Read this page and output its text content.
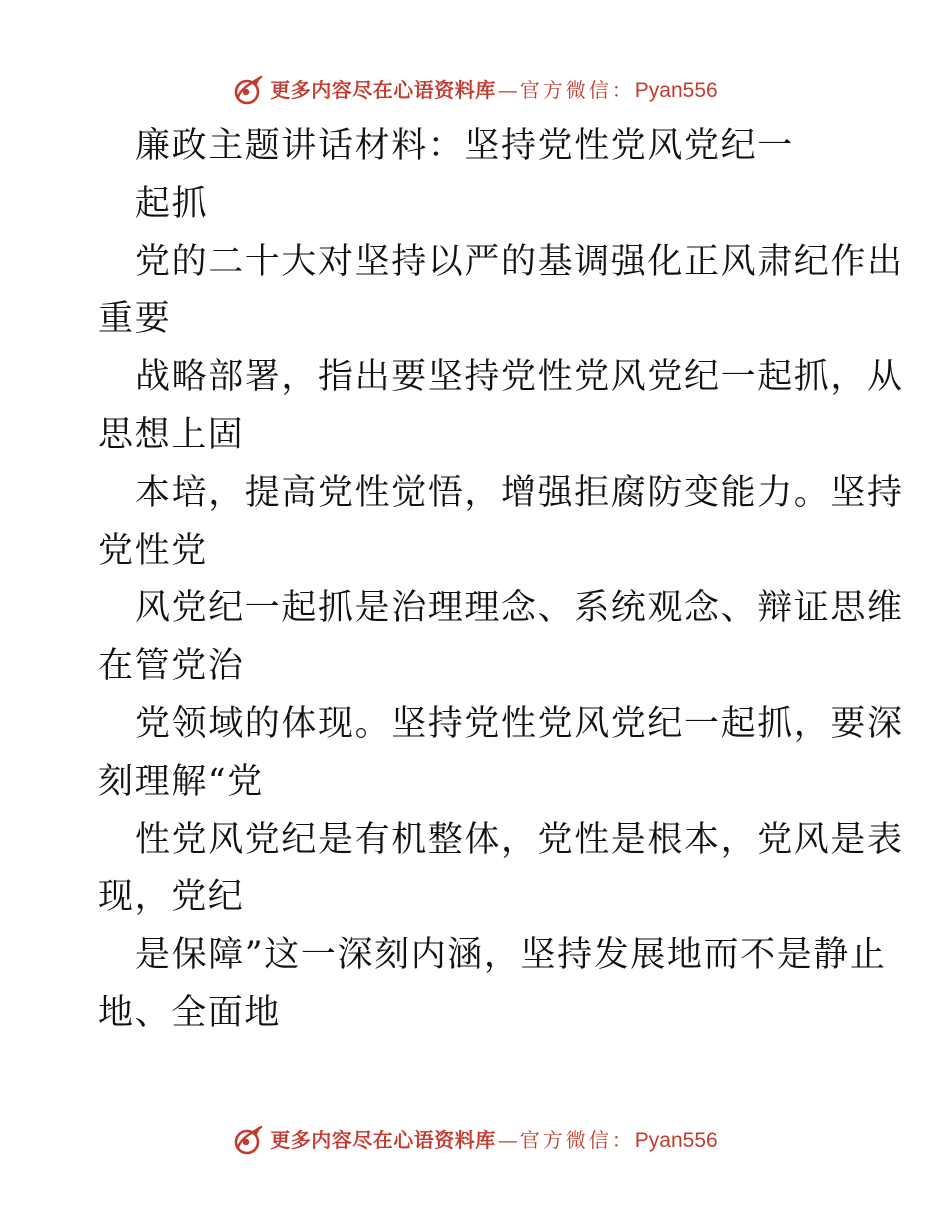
更多内容尽在心语资料库 — 官方微信： Pyan556
廉政主题讲话材料：坚持党性党风党纪一
起抓
党的二十大对坚持以严的基调强化正风肃纪作出
重要
战略部署，指出要坚持党性党风党纪一起抓，从
思想上固
本培，提高党性觉悟，增强拒腐防变能力。坚持
党性党
风党纪一起抓是治理理念、系统观念、辩证思维
在管党治
党领域的体现。坚持党性党风党纪一起抓，要深
刻理解“党
性党风党纪是有机整体，党性是根本，党风是表
现，党纪
是保障”这一深刻内涵，坚持发展地而不是静止
地、全面地
更多内容尽在心语资料库 — 官方微信： Pyan556
